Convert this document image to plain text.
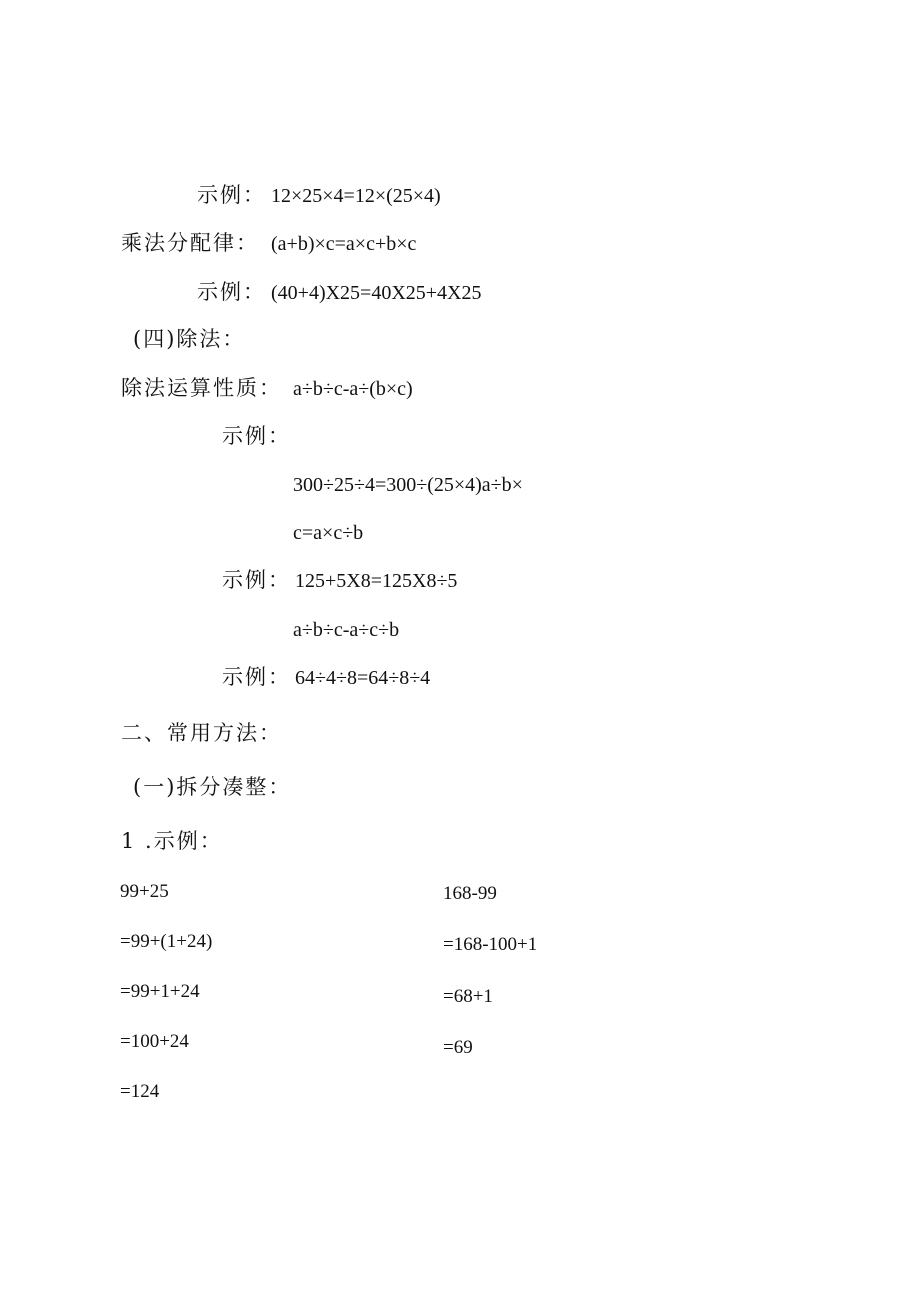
示例： 12×25×4=12×(25×4)
乘法分配律： (a+b)×c=a×c+b×c
示例： (40+4)X25=40X25+4X25
(四)除法：
除法运算性质： a÷b÷c-a÷(b×c)
示例：
300÷25÷4=300÷(25×4)a÷b×
c=a×c÷b
示例： 125+5X8=125X8÷5
a÷b÷c-a÷c÷b
示例： 64÷4÷8=64÷8÷4
二、常用方法：
(一)拆分凑整：
1 .示例：
99+25
=99+(1+24)
=99+1+24
=100+24
=124
168-99
=168-100+1
=68+1
=69
